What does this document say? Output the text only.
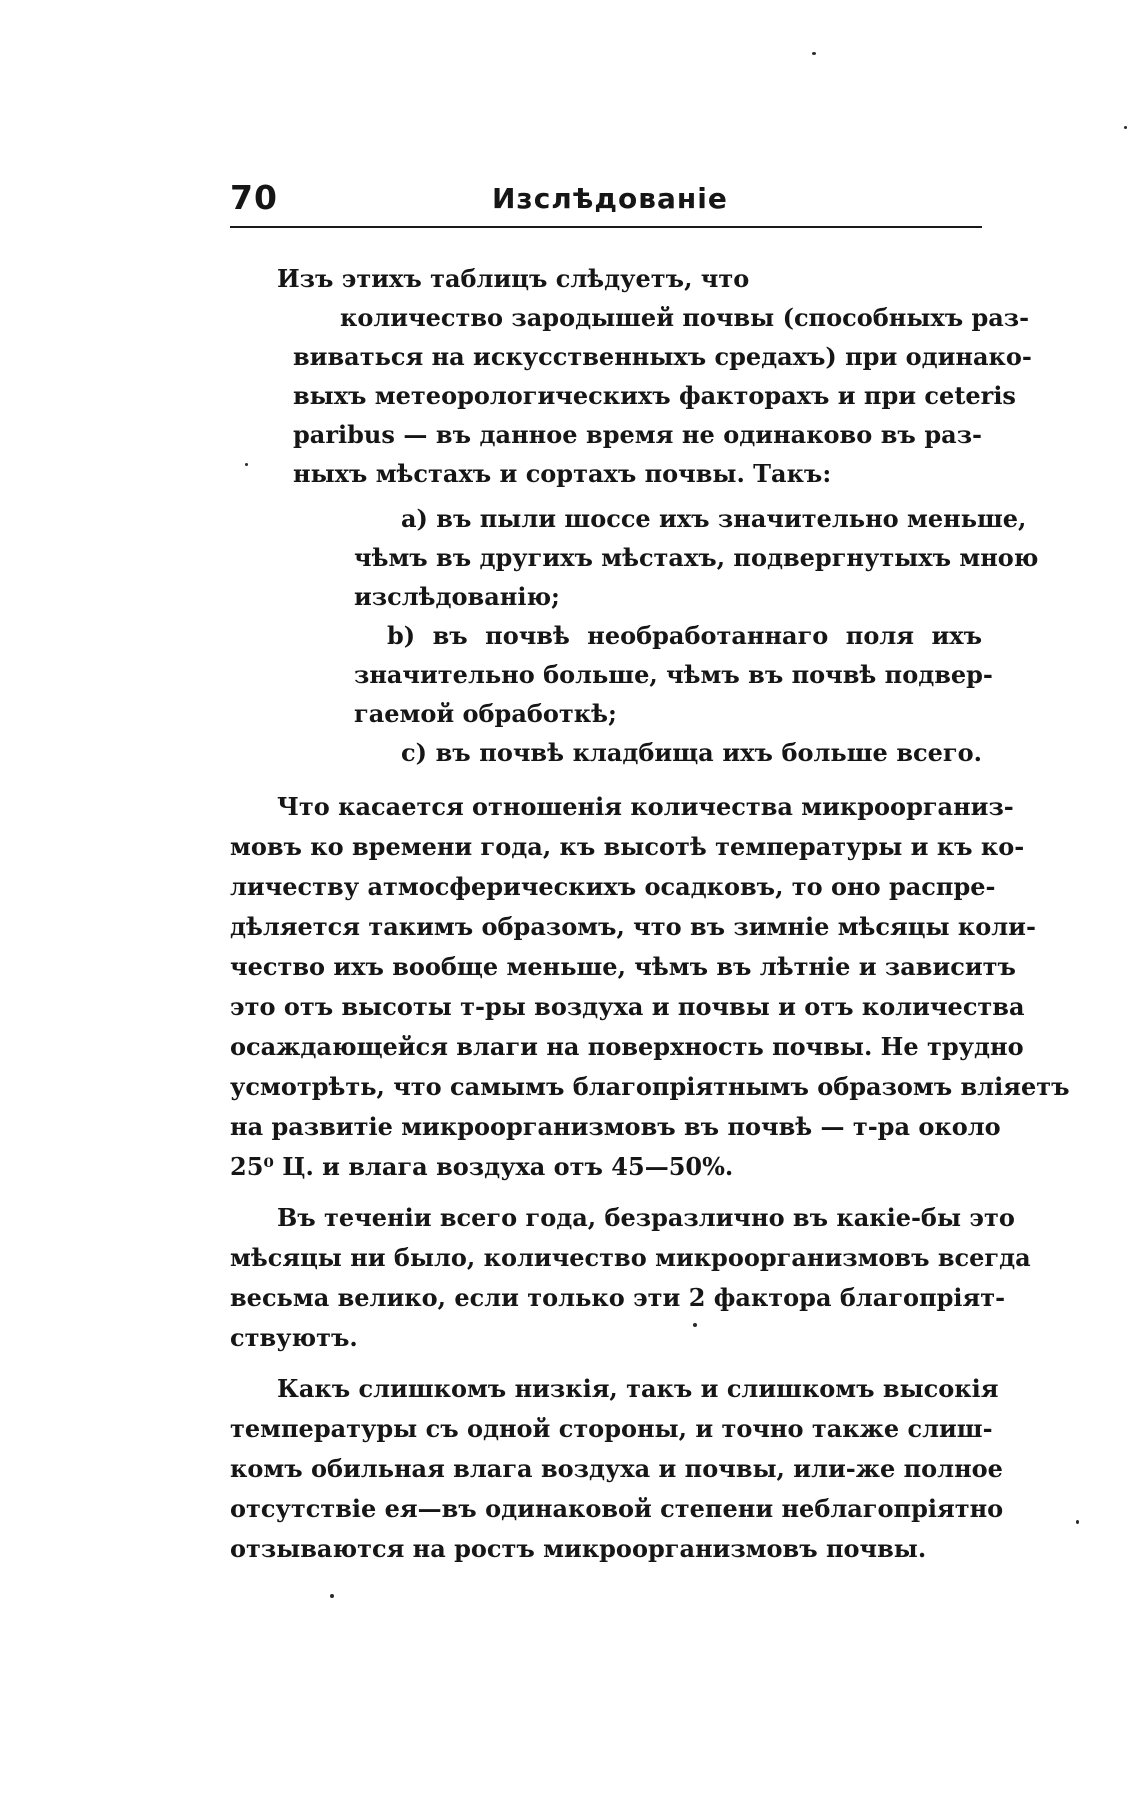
70	Изслѣдованіе
Изъ этихъ таблицъ слѣдуетъ, что
количество зародышей почвы (способныхъ раз-
виваться на искусственныхъ средахъ) при одинако-
выхъ метеорологическихъ факторахъ и при ceteris
paribus — въ данное время не одинаково въ раз-
ныхъ мѣстахъ и сортахъ почвы. Такъ:
a) въ пыли шоссе ихъ значительно меньше,
чѣмъ въ другихъ мѣстахъ, подвергнутыхъ мною
изслѣдованію;
b) въ почвѣ необработаннаго поля ихъ
значительно больше, чѣмъ въ почвѣ подвер-
гаемой обработкѣ;
c) въ почвѣ кладбища ихъ больше всего.
Что касается отношенія количества микроорганиз-
мовъ ко времени года, къ высотѣ температуры и къ ко-
личеству атмосферическихъ осадковъ, то оно распре-
дѣляется такимъ образомъ, что въ зимніе мѣсяцы коли-
чество ихъ вообще меньше, чѣмъ въ лѣтніе и зависитъ
это отъ высоты т-ры воздуха и почвы и отъ количества
осаждающейся влаги на поверхность почвы. Не трудно
усмотрѣть, что самымъ благопріятнымъ образомъ вліяетъ
на развитіе микроорганизмовъ въ почвѣ — т-ра около
25⁰ Ц. и влага воздуха отъ 45—50%.
Въ теченіи всего года, безразлично въ какіе-бы это
мѣсяцы ни было, количество микроорганизмовъ всегда
весьма велико, если только эти 2 фактора благопріят-
ствуютъ.
Какъ слишкомъ низкія, такъ и слишкомъ высокія
температуры съ одной стороны, и точно также слиш-
комъ обильная влага воздуха и почвы, или-же полное
отсутствіе ея—въ одинаковой степени неблагопріятно
отзываются на ростъ микроорганизмовъ почвы.
